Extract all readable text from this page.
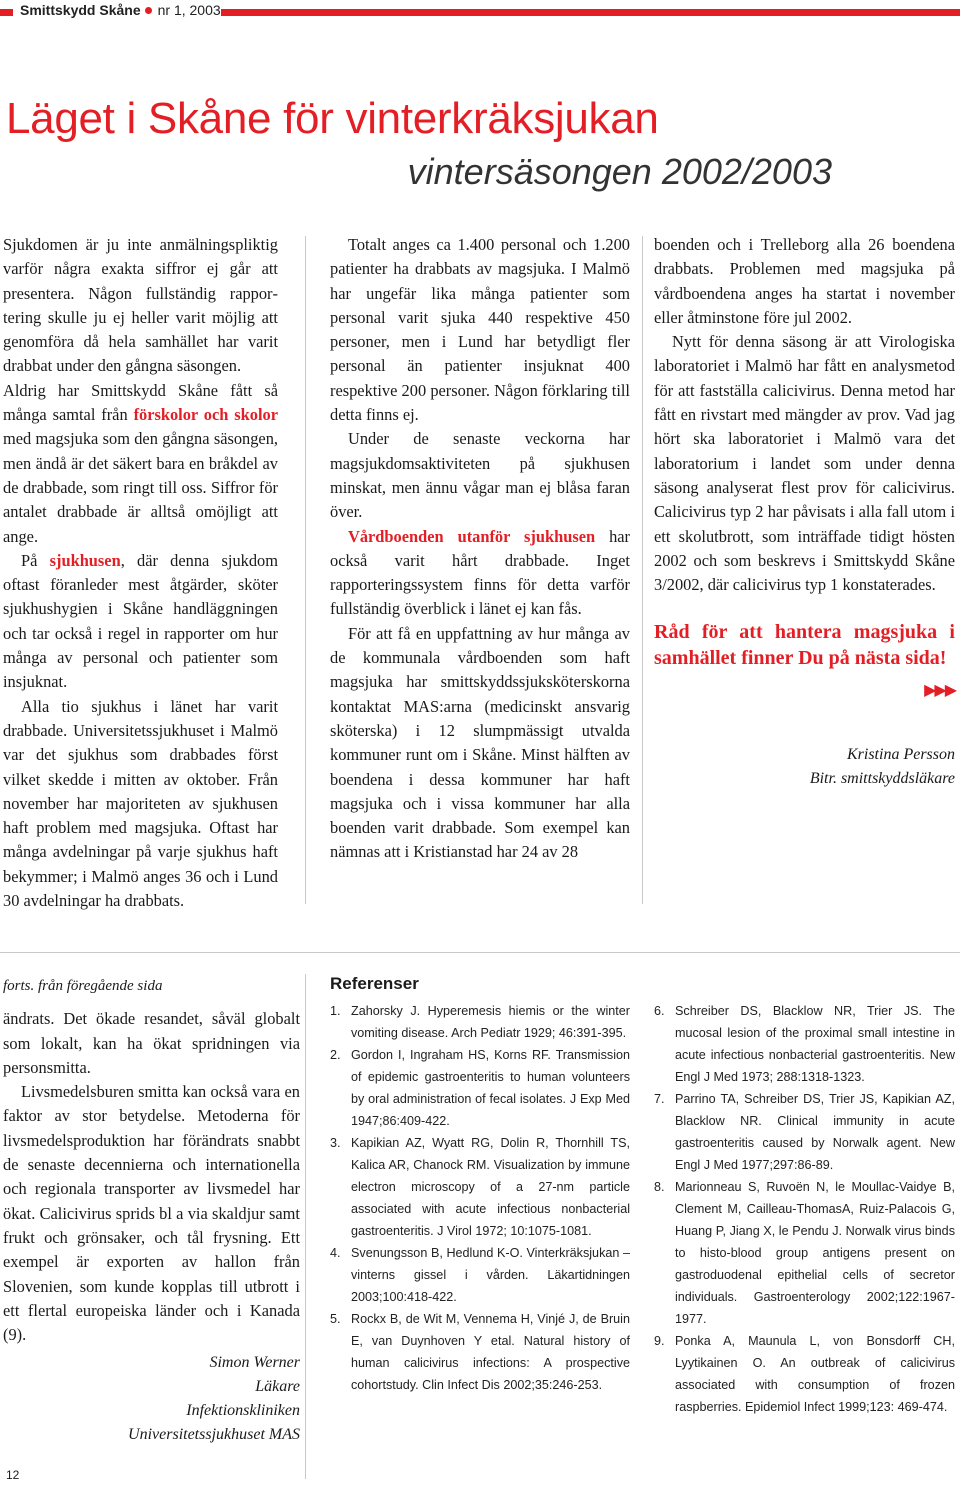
Smittskydd Skåne nr 1, 2003
Läget i Skåne för vinterkräksjukan
vintersäsongen 2002/2003

Sjukdomen är ju inte anmälningspliktig varför några exakta siffror ej går att presentera. Någon fullständig rapportering skulle ju ej heller varit möjlig att genomföra då hela samhället har varit drabbat under den gångna säsongen.

Aldrig har Smittskydd Skåne fått så många samtal från förskolor och skolor med magsjuka som den gångna säsongen, men ändå är det säkert bara en bråkdel av de drabbade, som ringt till oss. Siffror för antalet drabbade är alltså omöjligt att ange.

På sjukhusen, där denna sjukdom oftast föranleder mest åtgärder, sköter sjukhushygien i Skåne handläggningen och tar också i regel in rapporter om hur många av personal och patienter som insjuknat.

Alla tio sjukhus i länet har varit drabbade. Universitetssjukhuset i Malmö var det sjukhus som drabbades först vilket skedde i mitten av oktober. Från november har majoriteten av sjukhusen haft problem med magsjuka. Oftast har många avdelningar på varje sjukhus haft bekymmer; i Malmö anges 36 och i Lund 30 avdelningar ha drabbats.

Totalt anges ca 1.400 personal och 1.200 patienter ha drabbats av magsjuka. I Malmö har ungefär lika många patienter som personal varit sjuka 440 respektive 450 personer, men i Lund har betydligt fler personal än patienter insjuknat 400 respektive 200 personer. Någon förklaring till detta finns ej.

Under de senaste veckorna har magsjukdomsaktiviteten på sjukhusen minskat, men ännu vågar man ej blåsa faran över.

Vårdboenden utanför sjukhusen har också varit hårt drabbade. Inget rapporteringssystem finns för detta varför fullständig överblick i länet ej kan fås.

För att få en uppfattning av hur många av de kommunala vårdboenden som haft magsjuka har smittskyddssjuksköterskorna kontaktat MAS:arna (medicinskt ansvarig sköterska) i 12 slumpmässigt utvalda kommuner runt om i Skåne. Minst hälften av boendena i dessa kommuner har haft magsjuka och i vissa kommuner har alla boenden varit drabbade. Som exempel kan nämnas att i Kristianstad har 24 av 28

boenden och i Trelleborg alla 26 boendena drabbats. Problemen med magsjuka på vårdboendena anges ha startat i november eller åtminstone före jul 2002.

Nytt för denna säsong är att Virologiska laboratoriet i Malmö har fått en analysmetod för att fastställa calicivirus. Denna metod har fått en rivstart med mängder av prov. Vad jag hört ska laboratoriet i Malmö vara det laboratorium i landet som under denna säsong analyserat flest prov för calicivirus. Calicivirus typ 2 har påvisats i alla fall utom i ett skolutbrott, som inträffade tidigt hösten 2002 och som beskrevs i Smittskydd Skåne 3/2002, där calicivirus typ 1 konstaterades.

Råd för att hantera magsjuka i samhället finner Du på nästa sida!
▶▶▶
Kristina Persson
Bitr. smittskyddsläkare
forts. från föregående sida

ändrats. Det ökade resandet, såväl globalt som lokalt, kan ha ökat spridningen via personsmitta.

Livsmedelsburen smitta kan också vara en faktor av stor betydelse. Metoderna för livsmedelsproduktion har förändrats snabbt de senaste decennierna och internationella och regionala transporter av livsmedel har ökat. Calicivirus sprids bl a via skaldjur samt frukt och grönsaker, och tål frysning. Ett exempel är exporten av hallon från Slovenien, som kunde kopplas till utbrott i ett flertal europeiska länder och i Kanada (9).

Simon Werner
Läkare
Infektionskliniken
Universitetssjukhuset MAS
Referenser
1. Zahorsky J. Hyperemesis hiemis or the winter vomiting disease. Arch Pediatr 1929; 46:391-395.
2. Gordon I, Ingraham HS, Korns RF. Transmission of epidemic gastroenteritis to human volunteers by oral administration of fecal isolates. J Exp Med 1947;86:409-422.
3. Kapikian AZ, Wyatt RG, Dolin R, Thornhill TS, Kalica AR, Chanock RM. Visualization by immune electron microscopy of a 27-nm particle associated with acute infectious nonbacterial gastroenteritis. J Virol 1972; 10:1075-1081.
4. Svenungsson B, Hedlund K-O. Vinterkräksjukan – vinterns gissel i vården. Läkartidningen 2003;100:418-422.
5. Rockx B, de Wit M, Vennema H, Vinjé J, de Bruin E, van Duynhoven Y etal. Natural history of human calicivirus infections: A prospective cohortstudy. Clin Infect Dis 2002;35:246-253.
6. Schreiber DS, Blacklow NR, Trier JS. The mucosal lesion of the proximal small intestine in acute infectious nonbacterial gastroenteritis. New Engl J Med 1973; 288:1318-1323.
7. Parrino TA, Schreiber DS, Trier JS, Kapikian AZ, Blacklow NR. Clinical immunity in acute gastroenteritis caused by Norwalk agent. New Engl J Med 1977;297:86-89.
8. Marionneau S, Ruvoën N, le Moullac-Vaidye B, Clement M, Cailleau-ThomasA, Ruiz-Palacois G, Huang P, Jiang X, le Pendu J. Norwalk virus binds to histo-blood group antigens present on gastroduodenal epithelial cells of secretor individuals. Gastroenterology 2002;122:1967-1977.
9. Ponka A, Maunula L, von Bonsdorff CH, Lyytikainen O. An outbreak of calicivirus associated with consumption of frozen raspberries. Epidemiol Infect 1999;123: 469-474.
12
